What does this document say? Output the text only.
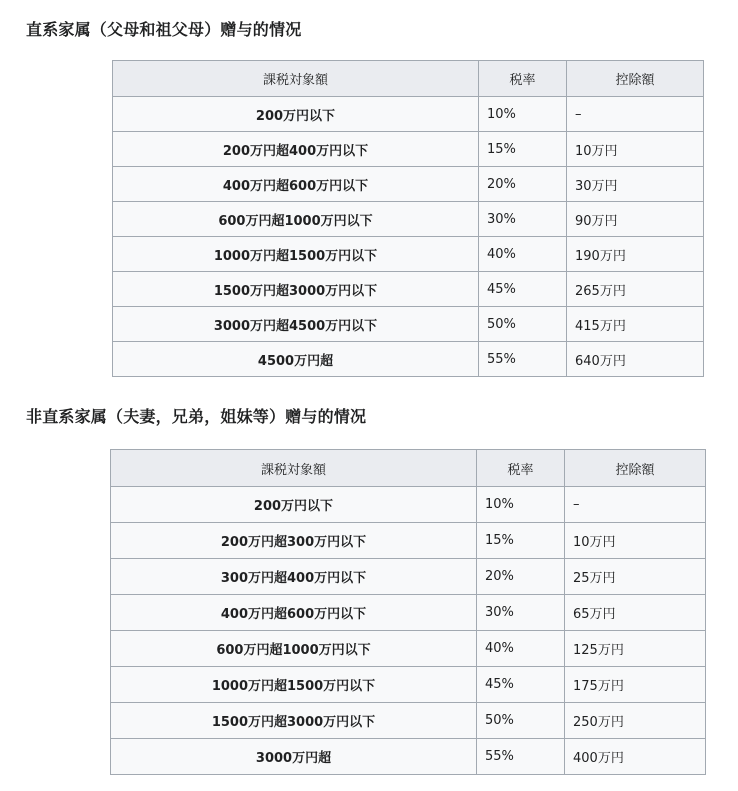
直系家属（父母和祖父母）赠与的情况
課税対象額	税率	控除額
200万円以下	10%	–
200万円超400万円以下	15%	10万円
400万円超600万円以下	20%	30万円
600万円超1000万円以下	30%	90万円
1000万円超1500万円以下	40%	190万円
1500万円超3000万円以下	45%	265万円
3000万円超4500万円以下	50%	415万円
4500万円超	55%	640万円
非直系家属（夫妻，兄弟，姐妹等）赠与的情况
課税対象額	税率	控除額
200万円以下	10%	–
200万円超300万円以下	15%	10万円
300万円超400万円以下	20%	25万円
400万円超600万円以下	30%	65万円
600万円超1000万円以下	40%	125万円
1000万円超1500万円以下	45%	175万円
1500万円超3000万円以下	50%	250万円
3000万円超	55%	400万円
